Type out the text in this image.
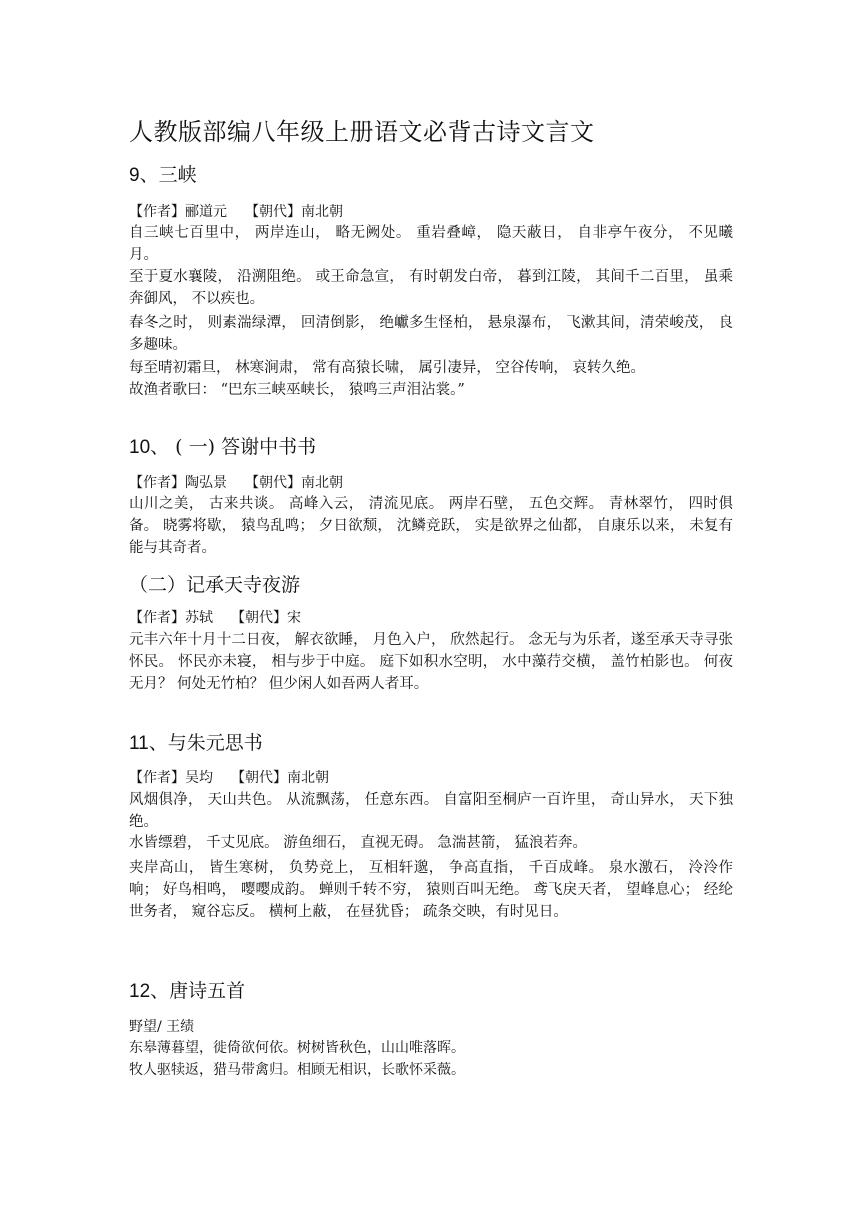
人教版部编八年级上册语文必背古诗文言文
9、三峡

【作者】郦道元 【朝代】南北朝

自三峡七百里中， 两岸连山， 略无阙处。 重岩叠嶂， 隐天蔽日， 自非亭午夜分， 不见曦月。

至于夏水襄陵， 沿溯阻绝。 或王命急宣， 有时朝发白帝， 暮到江陵， 其间千二百里， 虽乘奔御风， 不以疾也。

春冬之时， 则素湍绿潭， 回清倒影， 绝巘多生怪柏， 悬泉瀑布， 飞漱其间，清荣峻茂， 良多趣味。

每至晴初霜旦， 林寒涧肃， 常有高猿长啸， 属引凄异， 空谷传响， 哀转久绝。

故渔者歌曰： “巴东三峡巫峡长， 猿鸣三声泪沾裳。”

10、 ( 一) 答谢中书书

【作者】陶弘景 【朝代】南北朝

山川之美， 古来共谈。 高峰入云， 清流见底。 两岸石壁， 五色交辉。 青林翠竹， 四时俱备。 晓雾将歇， 猿鸟乱鸣； 夕日欲颓， 沈鳞竞跃， 实是欲界之仙都， 自康乐以来， 未复有能与其奇者。

（二）记承天寺夜游

【作者】苏轼 【朝代】宋

元丰六年十月十二日夜， 解衣欲睡， 月色入户， 欣然起行。 念无与为乐者，遂至承天寺寻张怀民。 怀民亦未寝， 相与步于中庭。 庭下如积水空明， 水中藻荇交横， 盖竹柏影也。 何夜无月？ 何处无竹柏？ 但少闲人如吾两人者耳。

11、与朱元思书

【作者】吴均 【朝代】南北朝

风烟俱净， 天山共色。 从流飘荡， 任意东西。 自富阳至桐庐一百许里， 奇山异水， 天下独绝。

水皆缥碧， 千丈见底。 游鱼细石， 直视无碍。 急湍甚箭， 猛浪若奔。

夹岸高山， 皆生寒树， 负势竞上， 互相轩邈， 争高直指， 千百成峰。 泉水激石， 泠泠作响； 好鸟相鸣， 嘤嘤成韵。 蝉则千转不穷， 猿则百叫无绝。 鸢飞戾天者， 望峰息心； 经纶世务者， 窥谷忘反。 横柯上蔽， 在昼犹昏； 疏条交映，有时见日。

12、唐诗五首

野望/ 王绩

东皋薄暮望，徙倚欲何依。树树皆秋色，山山唯落晖。

牧人驱犊返，猎马带禽归。相顾无相识，长歌怀采薇。
